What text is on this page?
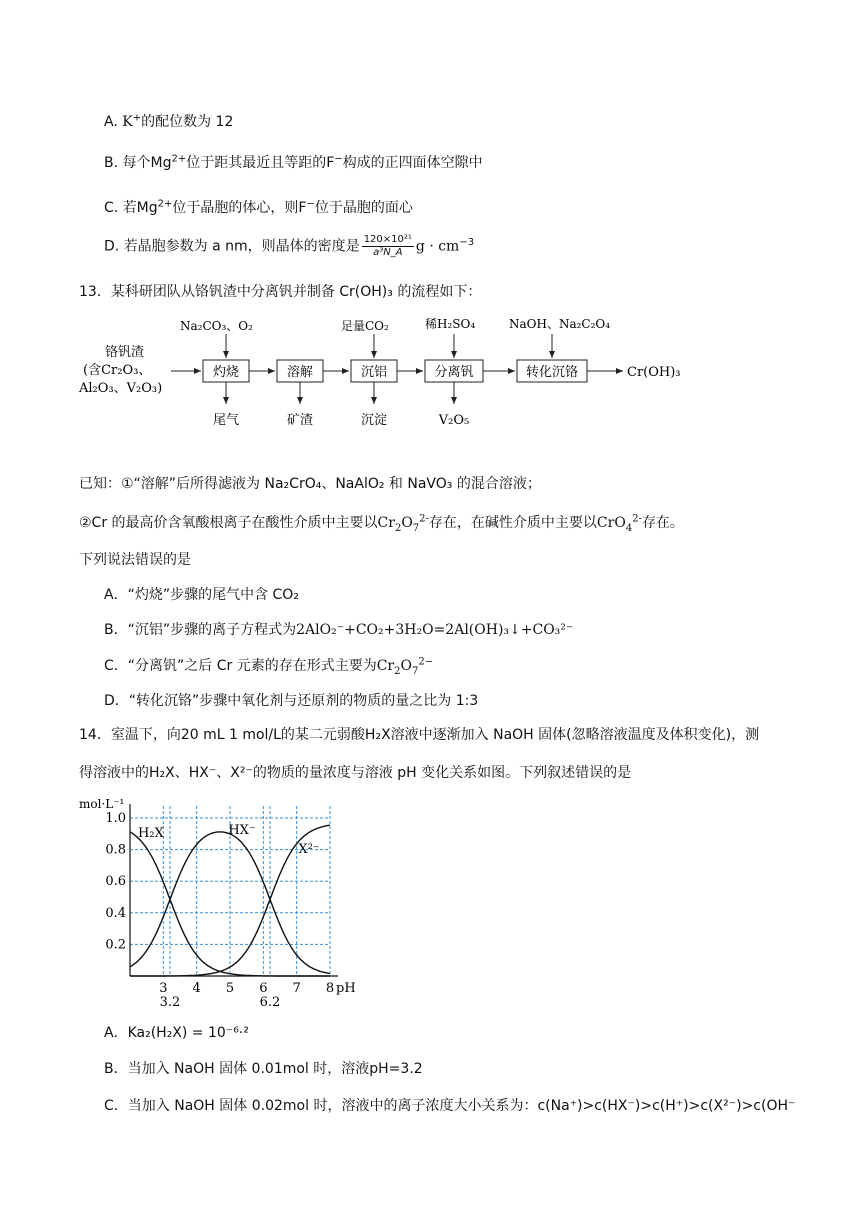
A. K+的配位数为 12
B. 每个$Mg^{2+}$位于距其最近且等距的F−构成的正四面体空隙中
C. 若$Mg^{2+}$位于晶胞的体心，则F−位于晶胞的面心
D. 若晶胞参数为 a nm，则晶体的密度是 $\frac{\text{120×10²¹}}{\text{a³N\_A}}$ $g \cdot cm^{-3}$
13．某科研团队从铬钒渣中分离钒并制备 Cr(OH)₃ 的流程如下：
铬钒渣
(含Cr₂O₃、
Al₂O₃、V₂O₃)
灼烧	溶解	沉铝	分离钒	转化沉铬	Cr(OH)₃
Na₂CO₃、O₂	足量CO₂	稀H₂SO₄	NaOH、Na₂C₂O₄
尾气	矿渣	沉淀	V₂O₅
已知：①“溶解”后所得滤液为 Na₂CrO₄、NaAlO₂ 和 NaVO₃ 的混合溶液；
②Cr 的最高价含氧酸根离子在酸性介质中主要以$Cr_2O_7^{2-}$存在，在碱性介质中主要以CrO$_4^{2-}$存在。
下列说法错误的是
A．“灼烧”步骤的尾气中含 CO₂
B．“沉铝”步骤的离子方程式为2AlO₂⁻+CO₂+3H₂O=2Al(OH)₃↓+CO₃²⁻
C．“分离钒”之后 Cr 元素的存在形式主要为$Cr_2O_7^{2-}$
D．“转化沉铬”步骤中氧化剂与还原剂的物质的量之比为 1:3
14．室温下，向20 mL 1 mol/L的某二元弱酸H₂X溶液中逐渐加入 NaOH 固体(忽略溶液温度及体积变化)，测
得溶液中的H₂X、HX⁻、X²⁻的物质的量浓度与溶液 pH 变化关系如图。下列叙述错误的是
1.0
0.8
0.6
0.4
0.2
mol·L⁻¹
3 4 5 6 7 8
3.2	6.2
pH
H₂X	HX⁻
X²⁻
A．Ka₂(H₂X) = 10⁻⁶·²
B．当加入 NaOH 固体 0.01mol 时，溶液pH=3.2
C．当加入 NaOH 固体 0.02mol 时，溶液中的离子浓度大小关系为：c(Na⁺)>c(HX⁻)>c(H⁺)>c(X²⁻)>c(OH⁻
